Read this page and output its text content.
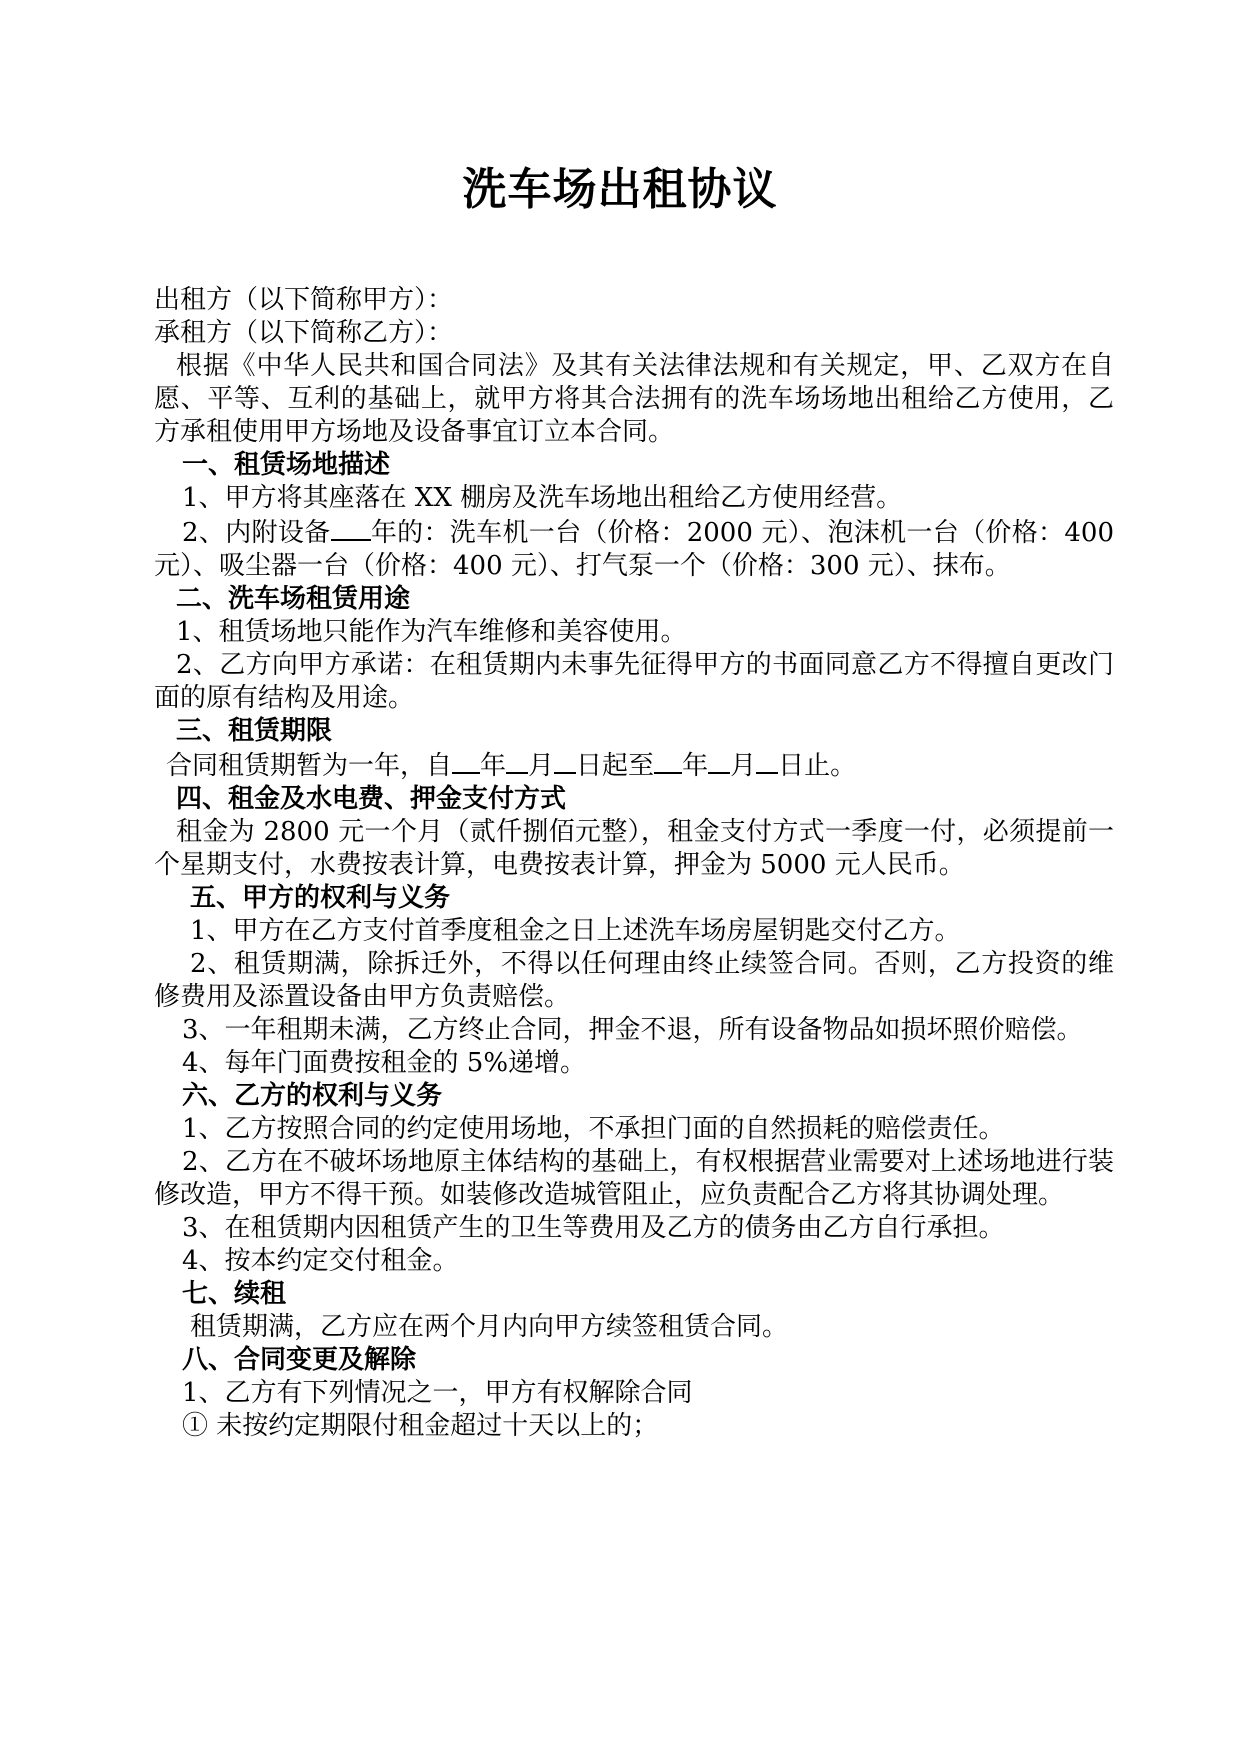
洗车场出租协议

出租方（以下简称甲方）：

承租方（以下简称乙方）：

根据《中华人民共和国合同法》及其有关法律法规和有关规定，甲、乙双方在自愿、平等、互利的基础上，就甲方将其合法拥有的洗车场场地出租给乙方使用，乙方承租使用甲方场地及设备事宜订立本合同。

一、租赁场地描述

1、甲方将其座落在 XX 棚房及洗车场地出租给乙方使用经营。

2、内附设备 年的：洗车机一台（价格：2000 元）、泡沫机一台（价格：400 元）、吸尘器一台（价格：400 元）、打气泵一个（价格：300 元）、抹布。

二、洗车场租赁用途

1、租赁场地只能作为汽车维修和美容使用。

2、乙方向甲方承诺：在租赁期内未事先征得甲方的书面同意乙方不得擅自更改门面的原有结构及用途。

三、租赁期限

合同租赁期暂为一年，自 年 月 日起至 年 月 日止。

四、租金及水电费、押金支付方式

租金为 2800 元一个月（贰仟捌佰元整），租金支付方式一季度一付，必须提前一个星期支付，水费按表计算，电费按表计算，押金为 5000 元人民币。

五、甲方的权利与义务

1、甲方在乙方支付首季度租金之日上述洗车场房屋钥匙交付乙方。

2、租赁期满，除拆迁外，不得以任何理由终止续签合同。否则，乙方投资的维修费用及添置设备由甲方负责赔偿。

3、一年租期未满，乙方终止合同，押金不退，所有设备物品如损坏照价赔偿。

4、每年门面费按租金的 5%递增。

六、乙方的权利与义务

1、乙方按照合同的约定使用场地，不承担门面的自然损耗的赔偿责任。

2、乙方在不破坏场地原主体结构的基础上，有权根据营业需要对上述场地进行装修改造，甲方不得干预。如装修改造城管阻止，应负责配合乙方将其协调处理。

3、在租赁期内因租赁产生的卫生等费用及乙方的债务由乙方自行承担。

4、按本约定交付租金。

七、续租

租赁期满，乙方应在两个月内向甲方续签租赁合同。

八、合同变更及解除

1、乙方有下列情况之一，甲方有权解除合同

① 未按约定期限付租金超过十天以上的；
